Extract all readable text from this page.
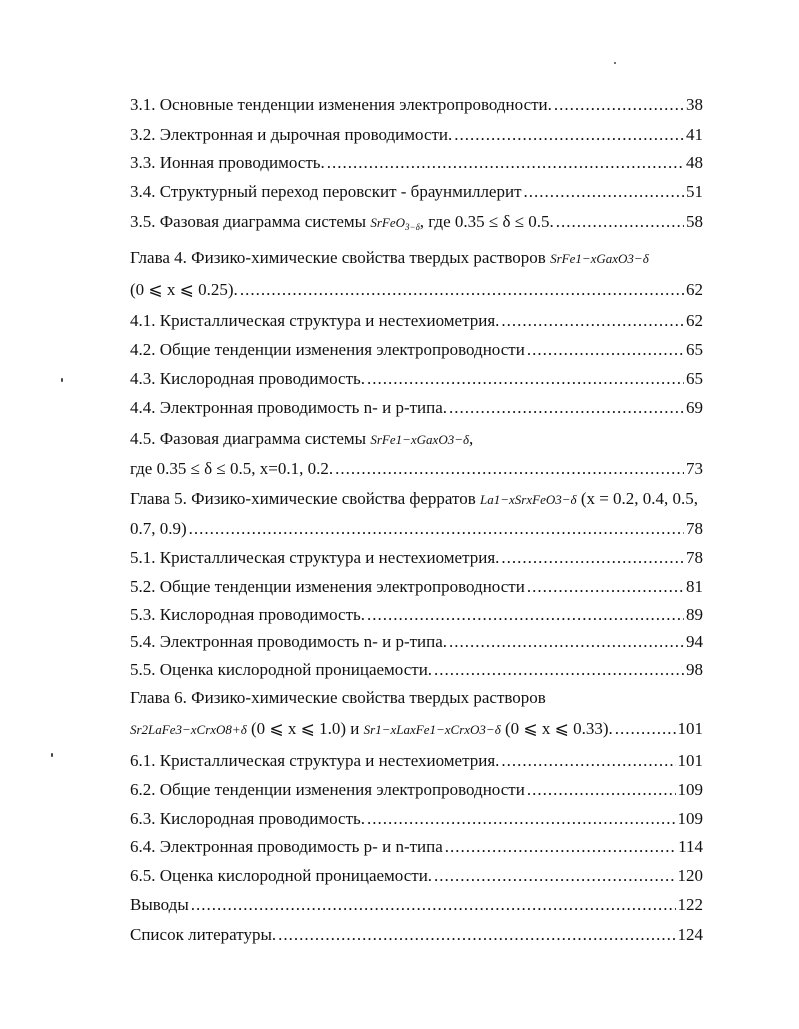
3.1. Основные тенденции изменения электропроводности. .....	38
3.2. Электронная и дырочная проводимости. .....	41
3.3. Ионная проводимость. .....	48
3.4. Структурный переход перовскит - браунмиллерит .....	51
3.5. Фазовая диаграмма системы SrFeO$_{3-\delta}$, где 0.35 ≤ δ ≤ 0.5. .....	58
Глава 4. Физико-химические свойства твердых растворов SrFe1−xGaxO3−δ
(0 ⩽ x ⩽ 0.25). .....	62
4.1. Кристаллическая структура и нестехиометрия. .....	62
4.2. Общие тенденции изменения электропроводности .....	65
4.3. Кислородная проводимость. .....	65
4.4. Электронная проводимость n- и p-типа. .....	69
4.5. Фазовая диаграмма системы SrFe1−xGaxO3−δ,
где 0.35 ≤ δ ≤ 0.5, x=0.1, 0.2. .....	73
Глава 5. Физико-химические свойства ферратов La1−xSrxFeO3−δ (x = 0.2, 0.4, 0.5,
0.7, 0.9) .....	78
5.1. Кристаллическая структура и нестехиометрия. .....	78
5.2. Общие тенденции изменения электропроводности .....	81
5.3. Кислородная проводимость. .....	89
5.4. Электронная проводимость n- и p-типа. .....	94
5.5. Оценка кислородной проницаемости. .....	98
Глава 6. Физико-химические свойства твердых растворов
Sr2LaFe3−xCrxO8+δ (0 ⩽ x ⩽ 1.0) и Sr1−xLaxFe1−xCrxO3−δ (0 ⩽ x ⩽ 0.33). .....	101
6.1. Кристаллическая структура и нестехиометрия. .....	101
6.2. Общие тенденции изменения электропроводности .....	109
6.3. Кислородная проводимость. .....	109
6.4. Электронная проводимость p- и n-типа .....	114
6.5. Оценка кислородной проницаемости. .....	120
Выводы .....	122
Список литературы. .....	124
